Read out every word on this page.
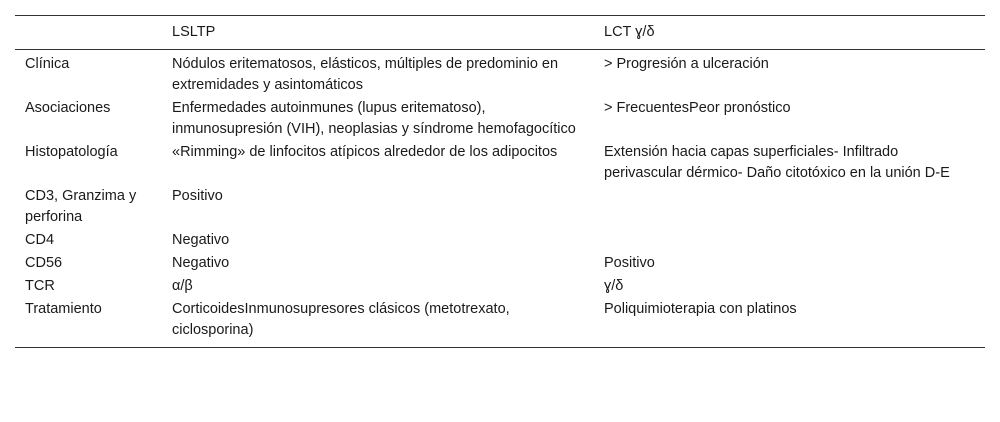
	LSLTP	LCT ɣ/δ
Clínica	Nódulos eritematosos, elásticos, múltiples de predominio en extremidades y asintomáticos	> Progresión a ulceración
Asociaciones	Enfermedades autoinmunes (lupus eritematoso), inmunosupresión (VIH), neoplasias y síndrome hemofagocítico	> FrecuentesPeor pronóstico
Histopatología	«Rimming» de linfocitos atípicos alrededor de los adipocitos	Extensión hacia capas superficiales- Infiltrado perivascular dérmico- Daño citotóxico en la unión D-E
CD3, Granzima y perforina	Positivo	
CD4	Negativo	
CD56	Negativo	Positivo
TCR	α/β	ɣ/δ
Tratamiento	CorticoidesInmunosupresores clásicos (metotrexato, ciclosporina)	Poliquimioterapia con platinos
